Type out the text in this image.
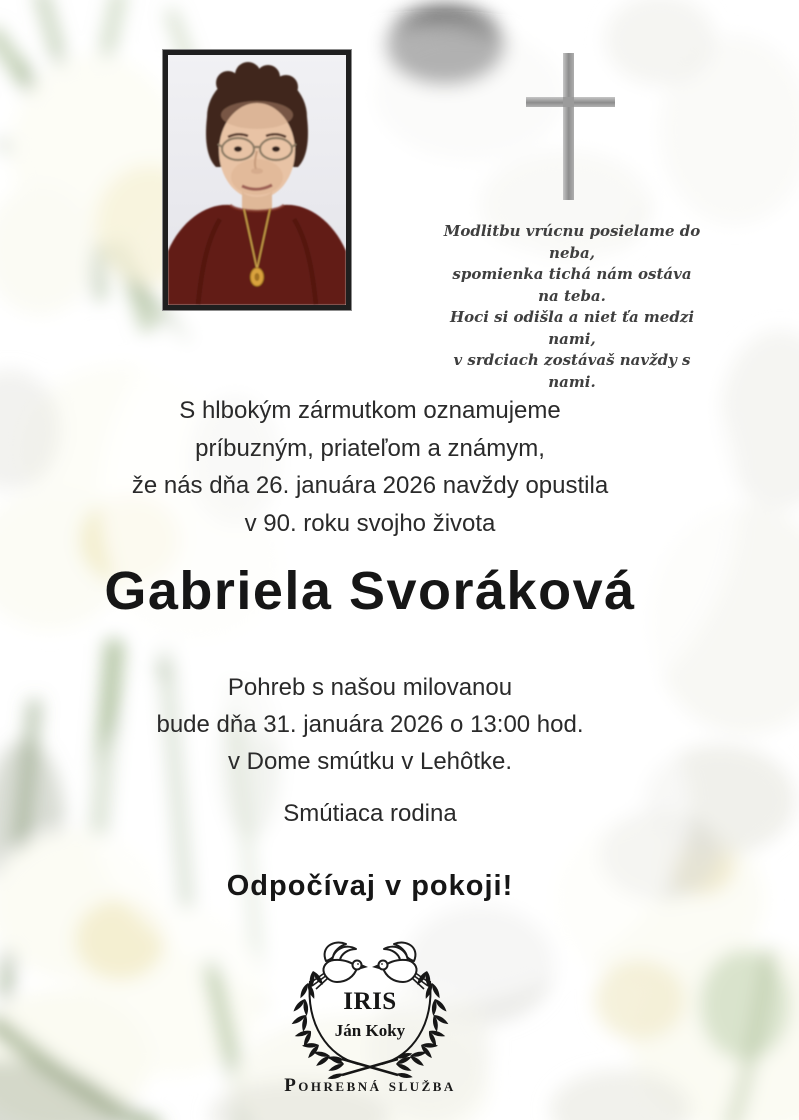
Modlitbu vrúcnu posielame do neba,
spomienka tichá nám ostáva na teba.
Hoci si odišla a niet ťa medzi nami,
v srdciach zostávaš navždy s nami.
S hlbokým zármutkom oznamujeme
príbuzným, priateľom a známym,
že nás dňa 26. januára 2026 navždy opustila
v 90. roku svojho života
Gabriela Svoráková
Pohreb s našou milovanou
bude dňa 31. januára 2026 o 13:00 hod.
v Dome smútku v Lehôtke.
Smútiaca rodina
Odpočívaj v pokoji!
IRIS
Ján Koky
Pohrebná služba
